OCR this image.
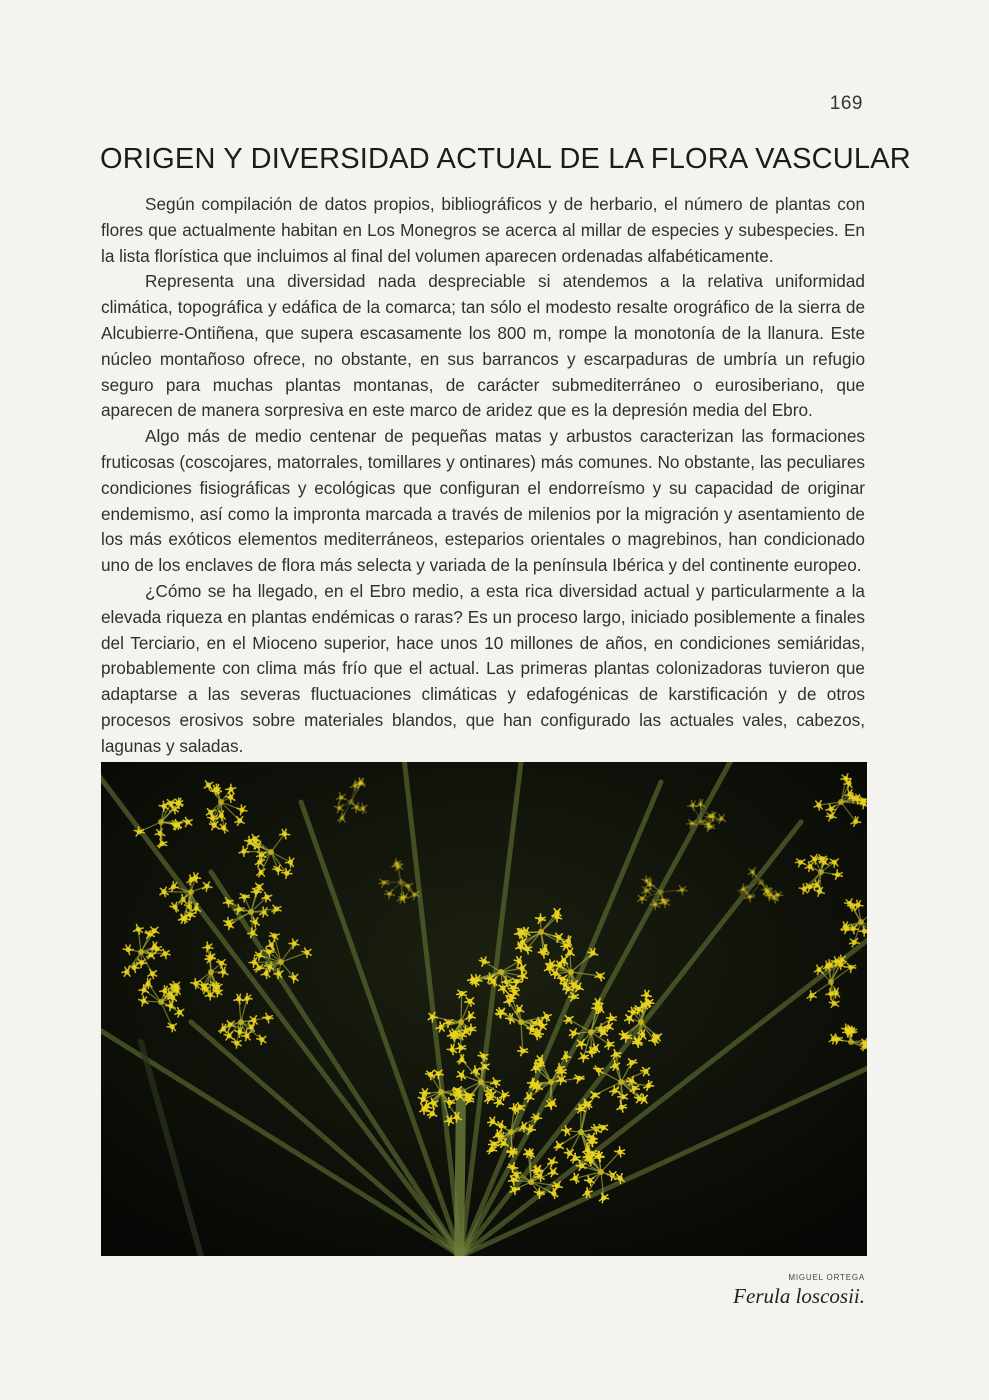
169
ORIGEN Y DIVERSIDAD ACTUAL DE LA FLORA VASCULAR

Según compilación de datos propios, bibliográficos y de herbario, el número de plantas con flores que actualmente habitan en Los Monegros se acerca al millar de especies y subespecies. En la lista florística que incluimos al final del volumen aparecen ordenadas alfabéticamente.

Representa una diversidad nada despreciable si atendemos a la relativa uniformidad climática, topográfica y edáfica de la comarca; tan sólo el modesto resalte orográfico de la sierra de Alcubierre-Ontiñena, que supera escasamente los 800 m, rompe la monotonía de la llanura. Este núcleo montañoso ofrece, no obstante, en sus barrancos y escarpaduras de umbría un refugio seguro para muchas plantas montanas, de carácter submediterráneo o eurosiberiano, que aparecen de manera sorpresiva en este marco de aridez que es la depresión media del Ebro.

Algo más de medio centenar de pequeñas matas y arbustos caracterizan las formaciones fruticosas (coscojares, matorrales, tomillares y ontinares) más comunes. No obstante, las peculiares condiciones fisiográficas y ecológicas que configuran el endorreísmo y su capacidad de originar endemismo, así como la impronta marcada a través de milenios por la migración y asentamiento de los más exóticos elementos mediterráneos, esteparios orientales o magrebinos, han condicionado uno de los enclaves de flora más selecta y variada de la península Ibérica y del continente europeo.

¿Cómo se ha llegado, en el Ebro medio, a esta rica diversidad actual y particularmente a la elevada riqueza en plantas endémicas o raras? Es un proceso largo, iniciado posiblemente a finales del Terciario, en el Mioceno superior, hace unos 10 millones de años, en condiciones semiáridas, probablemente con clima más frío que el actual. Las primeras plantas colonizadoras tuvieron que adaptarse a las severas fluctuaciones climáticas y edafogénicas de karstificación y de otros procesos erosivos sobre materiales blandos, que han configurado las actuales vales, cabezos, lagunas y saladas.

MIGUEL ORTEGA
Ferula loscosii.
